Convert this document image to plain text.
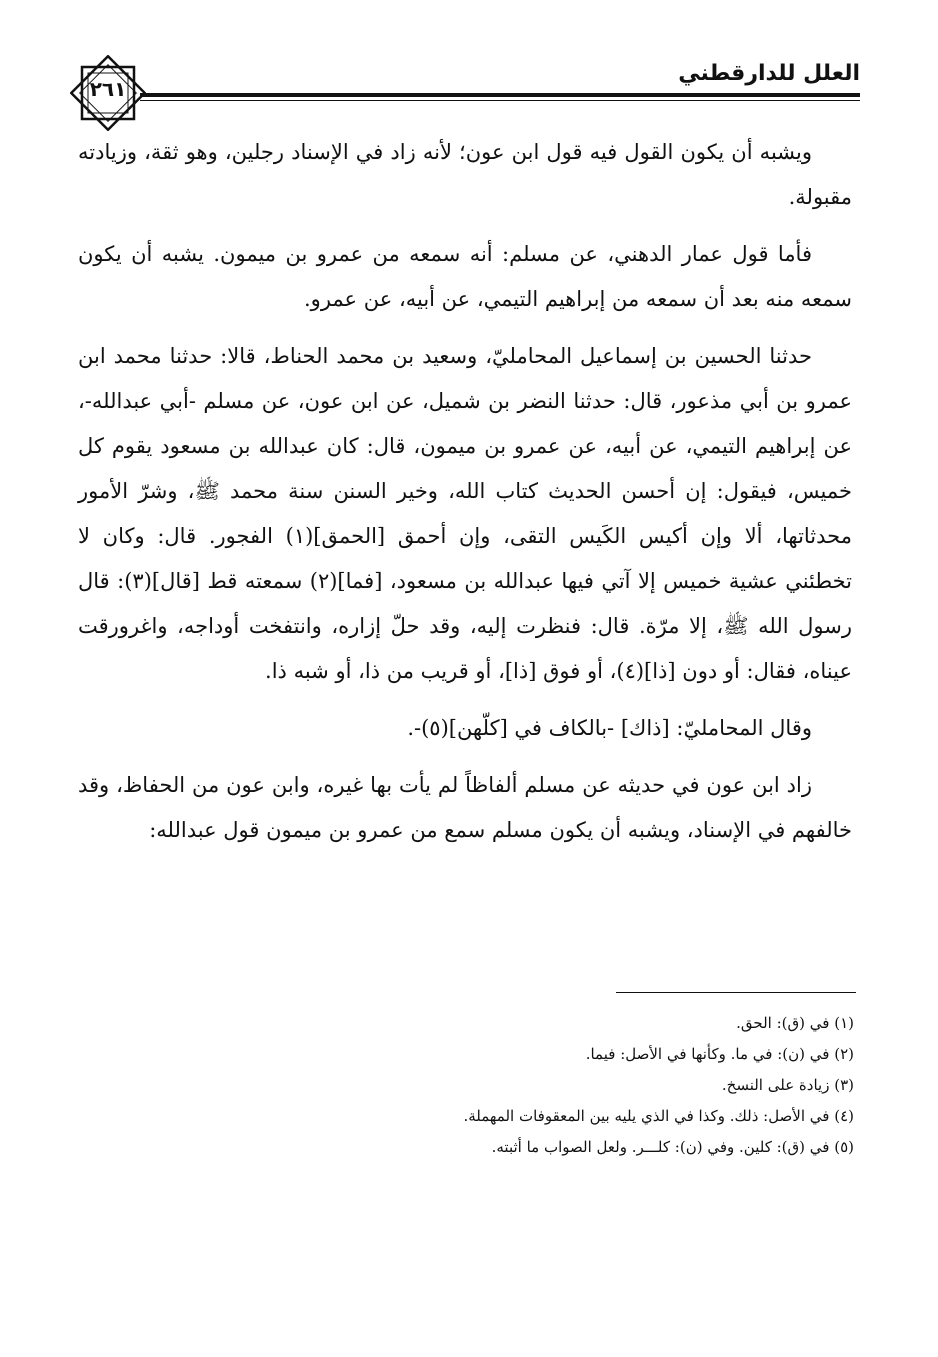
٢٦١
العلل للدارقطني

ويشبه أن يكون القول فيه قول ابن عون؛ لأنه زاد في الإسناد رجلين، وهو ثقة، وزيادته مقبولة.

فأما قول عمار الدهني، عن مسلم: أنه سمعه من عمرو بن ميمون. يشبه أن يكون سمعه منه بعد أن سمعه من إبراهيم التيمي، عن أبيه، عن عمرو.

حدثنا الحسين بن إسماعيل المحامليّ، وسعيد بن محمد الحناط، قالا: حدثنا محمد ابن عمرو بن أبي مذعور، قال: حدثنا النضر بن شميل، عن ابن عون، عن مسلم -أبي عبدالله-، عن إبراهيم التيمي، عن أبيه، عن عمرو بن ميمون، قال: كان عبدالله بن مسعود يقوم كل خميس، فيقول: إن أحسن الحديث كتاب الله، وخير السنن سنة محمد ﷺ، وشرّ الأمور محدثاتها، ألا وإن أكيس الكَيس التقى، وإن أحمق [الحمق](١) الفجور. قال: وكان لا تخطئني عشية خميس إلا آتي فيها عبدالله بن مسعود، [فما](٢) سمعته قط [قال](٣): قال رسول الله ﷺ، إلا مرّة. قال: فنظرت إليه، وقد حلّ إزاره، وانتفخت أوداجه، واغرورقت عيناه، فقال: أو دون [ذا](٤)، أو فوق [ذا]، أو قريب من ذا، أو شبه ذا.

وقال المحامليّ: [ذاك] -بالكاف في [كلّهن](٥)-.

زاد ابن عون في حديثه عن مسلم ألفاظاً لم يأت بها غيره، وابن عون من الحفاظ، وقد خالفهم في الإسناد، ويشبه أن يكون مسلم سمع من عمرو بن ميمون قول عبدالله:

(١) في (ق): الحق.
(٢) في (ن): في ما. وكأنها في الأصل: فيما.
(٣) زيادة على النسخ.
(٤) في الأصل: ذلك. وكذا في الذي يليه بين المعقوفات المهملة.
(٥) في (ق): كلين. وفي (ن): كلـــر. ولعل الصواب ما أثبته.
